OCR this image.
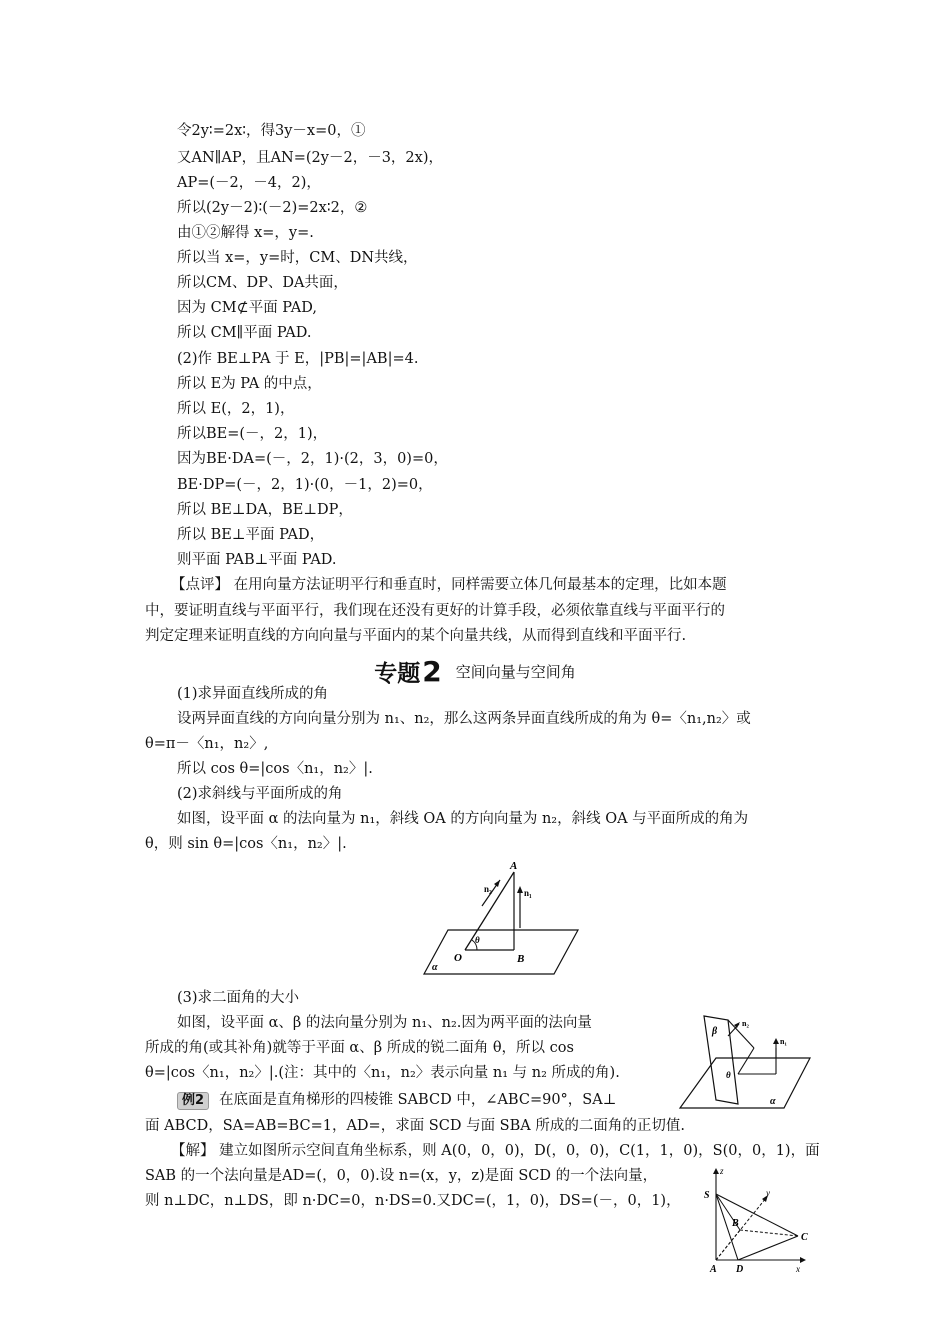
令2y∶=2x∶，得3y－x=0，①
又AN∥AP，且AN=(2y－2，－3，2x)，
AP=(－2，－4，2)，
所以(2y－2)∶(－2)=2x∶2，②
由①②解得 x=，y=.
所以当 x=，y=时，CM、DN共线，
所以CM、DP、DA共面，
因为 CM⊄平面 PAD,
所以 CM∥平面 PAD.
(2)作 BE⊥PA 于 E，|PB|=|AB|=4.
所以 E为 PA 的中点，
所以 E(，2，1)，
所以BE=(－，2，1)，
因为BE·DA=(－，2，1)·(2，3，0)=0，
BE·DP=(－，2，1)·(0，－1，2)=0，
所以 BE⊥DA，BE⊥DP，
所以 BE⊥平面 PAD，
则平面 PAB⊥平面 PAD.
【点评】 在用向量方法证明平行和垂直时，同样需要立体几何最基本的定理，比如本题
中，要证明直线与平面平行，我们现在还没有更好的计算手段，必须依靠直线与平面平行的
判定定理来证明直线的方向向量与平面内的某个向量共线，从而得到直线和平面平行.
专题2 空间向量与空间角
(1)求异面直线所成的角
设两异面直线的方向向量分别为 n₁、n₂，那么这两条异面直线所成的角为 θ=〈n₁,n₂〉或
θ=π－〈n₁，n₂〉,
所以 cos θ=|cos〈n₁，n₂〉|.
(2)求斜线与平面所成的角
如图，设平面 α 的法向量为 n₁，斜线 OA 的方向向量为 n₂，斜线 OA 与平面所成的角为
θ，则 sin θ=|cos〈n₁，n₂〉|.
A
B
O
θ
n₂	n₁
α
(3)求二面角的大小
如图，设平面 α、β 的法向量分别为 n₁、n₂.因为两平面的法向量
所成的角(或其补角)就等于平面 α、β 所成的锐二面角 θ，所以 cos
θ=|cos〈n₁，n₂〉|.(注：其中的〈n₁，n₂〉表示向量 n₁ 与 n₂ 所成的角).
β
α
θ
n₂
n₁
例2 在底面是直角梯形的四棱锥 SABCD 中，∠ABC=90°，SA⊥
面 ABCD，SA=AB=BC=1，AD=，求面 SCD 与面 SBA 所成的二面角的正切值.
【解】 建立如图所示空间直角坐标系，则 A(0，0，0)，D(，0，0)，C(1，1，0)，S(0，0，1)，面
SAB 的一个法向量是AD=(，0，0).设 n=(x，y，z)是面 SCD 的一个法向量，
则 n⊥DC，n⊥DS，即 n·DC=0，n·DS=0.又DC=(，1，0)，DS=(－，0，1)， S
A D
B
C
x
y
z
